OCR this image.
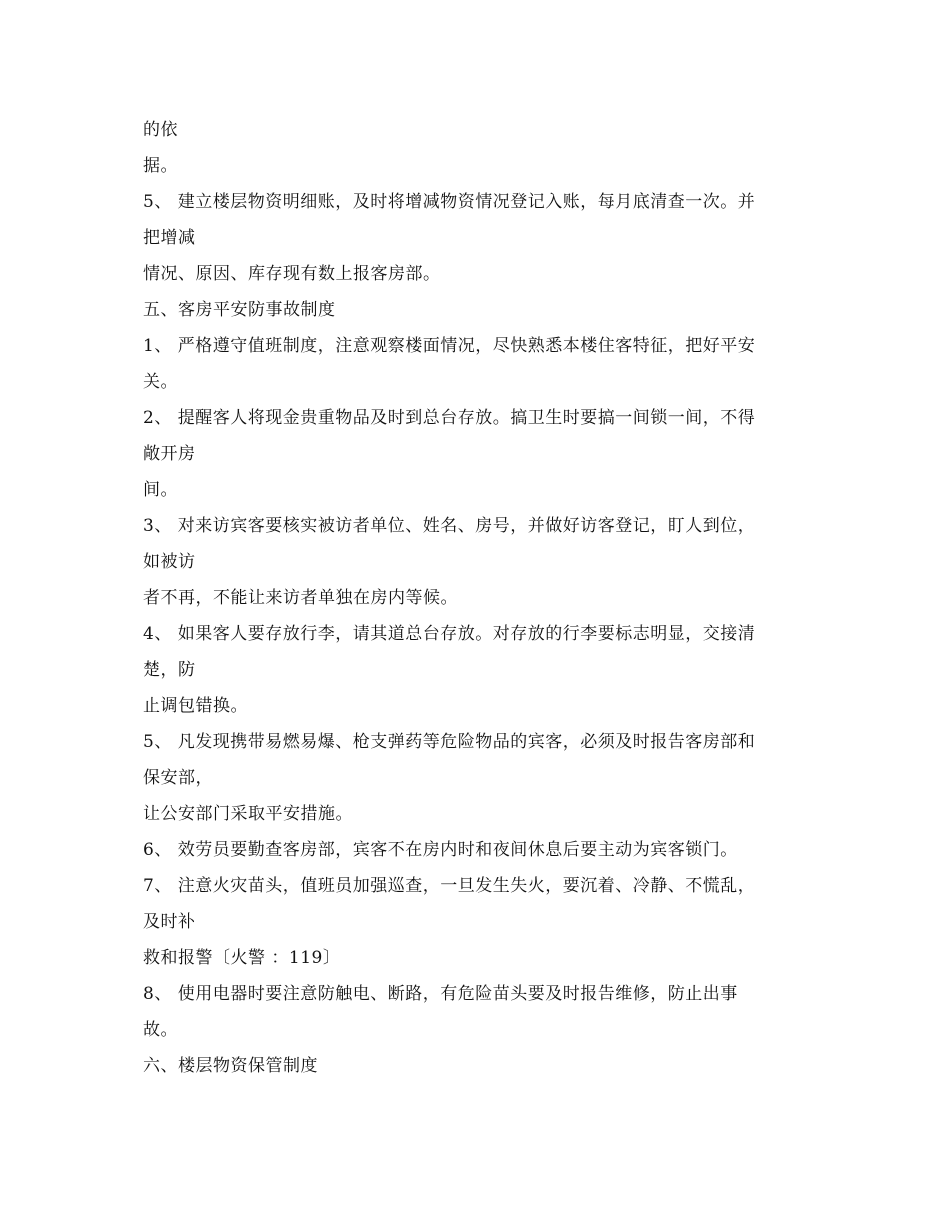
的依
据。
5、 建立楼层物资明细账，及时将增减物资情况登记入账，每月底清查一次。并
把增减
情况、原因、库存现有数上报客房部。
五、客房平安防事故制度
1、 严格遵守值班制度，注意观察楼面情况，尽快熟悉本楼住客特征，把好平安
关。
2、 提醒客人将现金贵重物品及时到总台存放。搞卫生时要搞一间锁一间，不得
敞开房
间。
3、 对来访宾客要核实被访者单位、姓名、房号，并做好访客登记，盯人到位，
如被访
者不再，不能让来访者单独在房内等候。
4、 如果客人要存放行李，请其道总台存放。对存放的行李要标志明显，交接清
楚，防
止调包错换。
5、 凡发现携带易燃易爆、枪支弹药等危险物品的宾客，必须及时报告客房部和
保安部，
让公安部门采取平安措施。
6、 效劳员要勤查客房部，宾客不在房内时和夜间休息后要主动为宾客锁门。
7、 注意火灾苗头，值班员加强巡查，一旦发生失火，要沉着、冷静、不慌乱，
及时补
救和报警〔火警 ：119〕
8、 使用电器时要注意防触电、断路，有危险苗头要及时报告维修，防止出事
故。
六、楼层物资保管制度
